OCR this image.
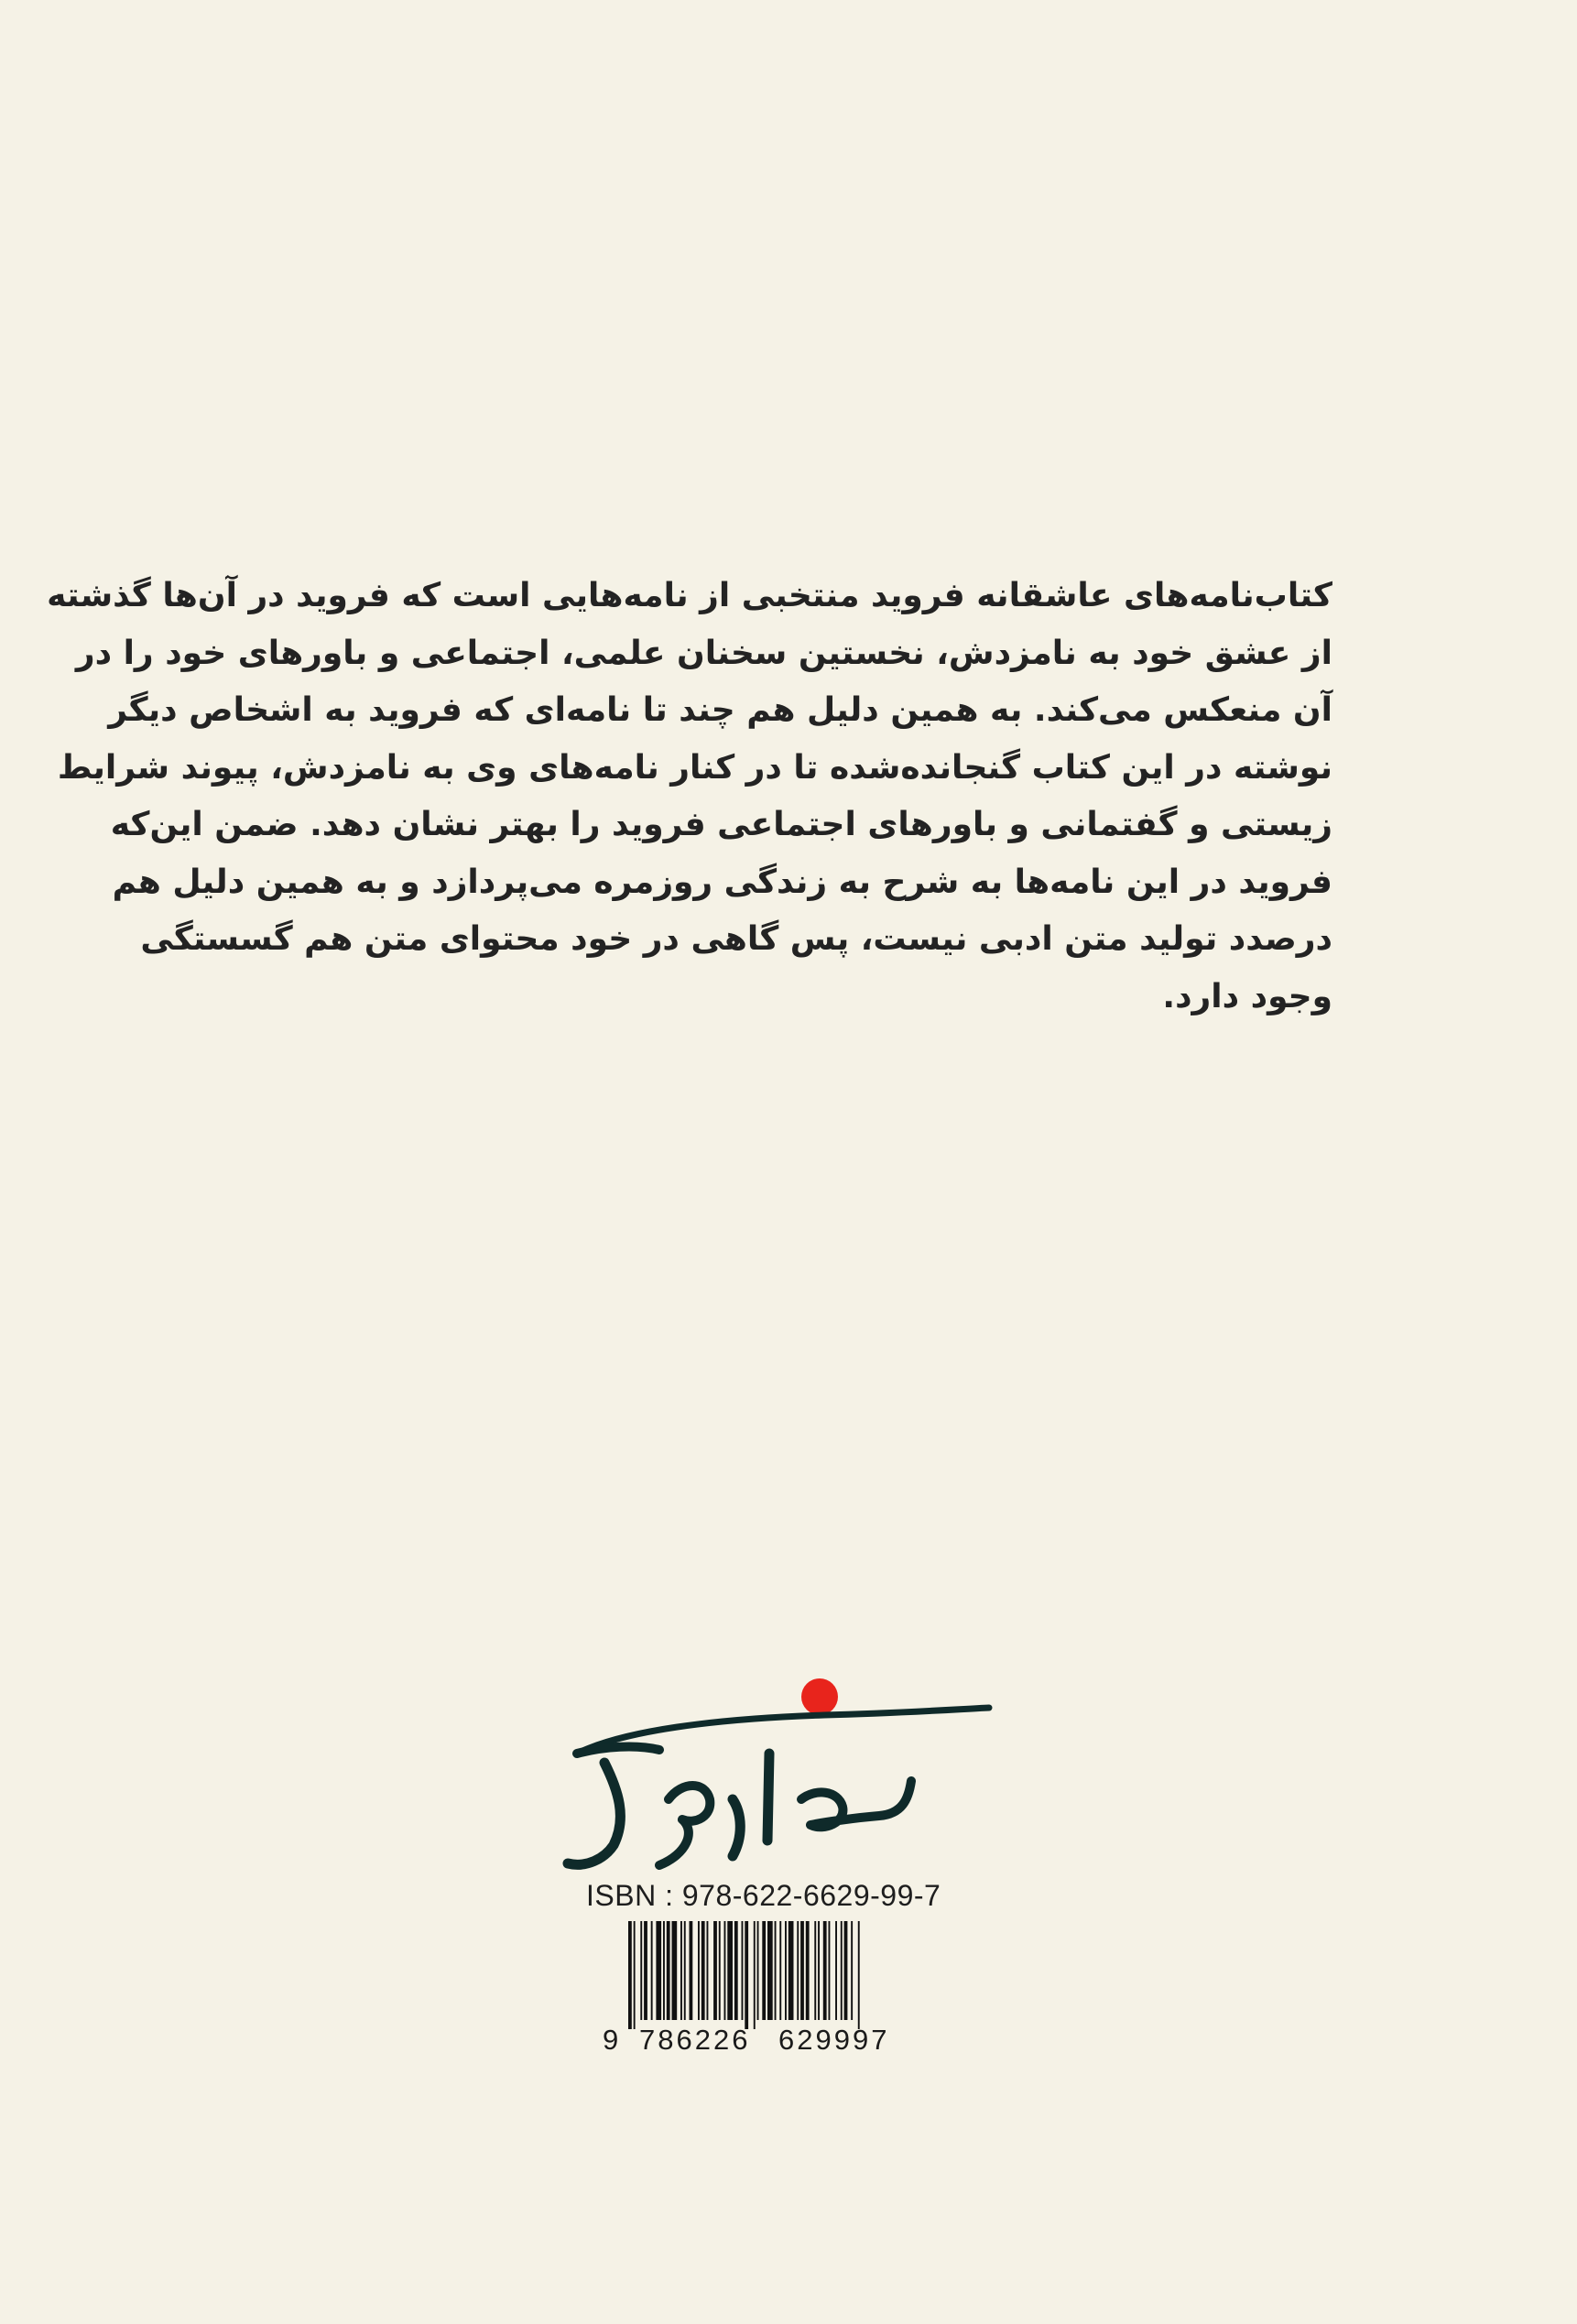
کتاب‌نامه‌های عاشقانه فروید منتخبی از نامه‌هایی است که فروید در آن‌ها گذشته
از عشق خود به نامزدش، نخستین سخنان علمی، اجتماعی و باورهای خود را در
آن منعکس می‌کند. به همین دلیل هم چند تا نامه‌ای که فروید به اشخاص دیگر
نوشته در این کتاب گنجانده‌شده تا در کنار نامه‌های وی به نامزدش، پیوند شرایط
زیستی و گفتمانی و باورهای اجتماعی فروید را بهتر نشان دهد. ضمن این‌که
فروید در این نامه‌ها به شرح به زندگی روزمره می‌پردازد و به همین دلیل هم
درصدد تولید متن ادبی نیست، پس گاهی در خود محتوای متن هم گسستگی
وجود دارد.
ISBN : 978-622-6629-99-7
9 786226 629997
